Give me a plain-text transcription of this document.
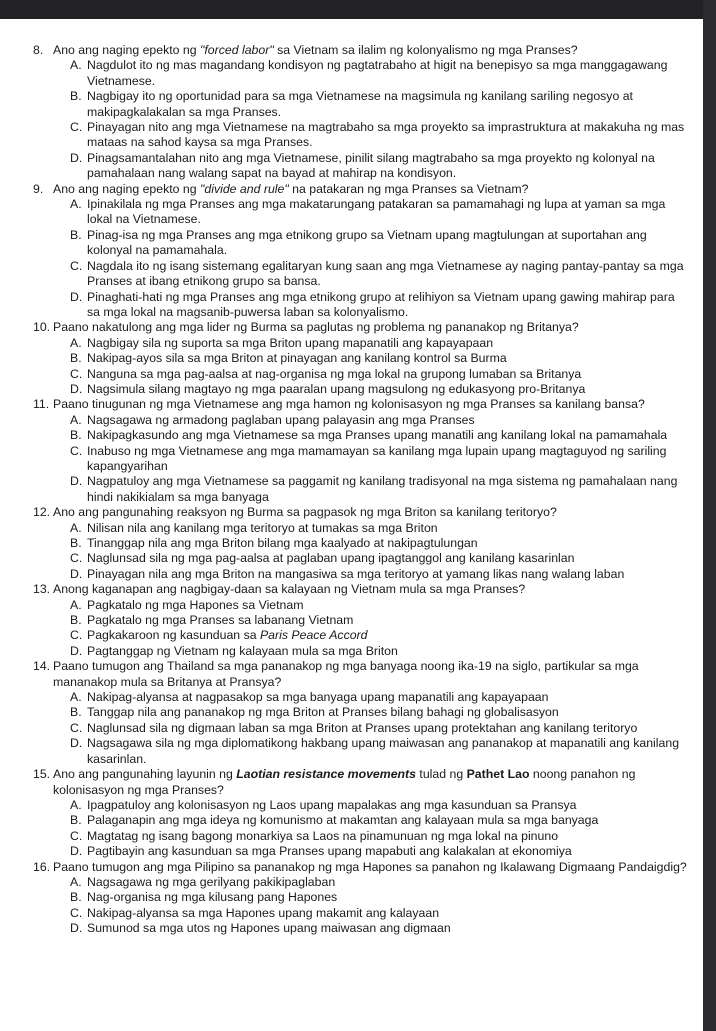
8. Ano ang naging epekto ng "forced labor" sa Vietnam sa ilalim ng kolonyalismo ng mga Pranses?
A. Nagdulot ito ng mas magandang kondisyon ng pagtatrabaho at higit na benepisyo sa mga manggagawang Vietnamese.
B. Nagbigay ito ng oportunidad para sa mga Vietnamese na magsimula ng kanilang sariling negosyo at makipagkalakalan sa mga Pranses.
C. Pinayagan nito ang mga Vietnamese na magtrabaho sa mga proyekto sa imprastruktura at makakuha ng mas mataas na sahod kaysa sa mga Pranses.
D. Pinagsamantalahan nito ang mga Vietnamese, pinilit silang magtrabaho sa mga proyekto ng kolonyal na pamahalaan nang walang sapat na bayad at mahirap na kondisyon.
9. Ano ang naging epekto ng "divide and rule" na patakaran ng mga Pranses sa Vietnam?
A. Ipinakilala ng mga Pranses ang mga makatarungang patakaran sa pamamahagi ng lupa at yaman sa mga lokal na Vietnamese.
B. Pinag-isa ng mga Pranses ang mga etnikong grupo sa Vietnam upang magtulungan at suportahan ang kolonyal na pamamahala.
C. Nagdala ito ng isang sistemang egalitaryan kung saan ang mga Vietnamese ay naging pantay-pantay sa mga Pranses at ibang etnikong grupo sa bansa.
D. Pinaghati-hati ng mga Pranses ang mga etnikong grupo at relihiyon sa Vietnam upang gawing mahirap para sa mga lokal na magsanib-puwersa laban sa kolonyalismo.
10. Paano nakatulong ang mga lider ng Burma sa paglutas ng problema ng pananakop ng Britanya?
A. Nagbigay sila ng suporta sa mga Briton upang mapanatili ang kapayapaan
B. Nakipag-ayos sila sa mga Briton at pinayagan ang kanilang kontrol sa Burma
C. Nanguna sa mga pag-aalsa at nag-organisa ng mga lokal na grupong lumaban sa Britanya
D. Nagsimula silang magtayo ng mga paaralan upang magsulong ng edukasyong pro-Britanya
11. Paano tinugunan ng mga Vietnamese ang mga hamon ng kolonisasyon ng mga Pranses sa kanilang bansa?
A. Nagsagawa ng armadong paglaban upang palayasin ang mga Pranses
B. Nakipagkasundo ang mga Vietnamese sa mga Pranses upang manatili ang kanilang lokal na pamamahala
C. Inabuso ng mga Vietnamese ang mga mamamayan sa kanilang mga lupain upang magtaguyod ng sariling kapangyarihan
D. Nagpatuloy ang mga Vietnamese sa paggamit ng kanilang tradisyonal na mga sistema ng pamahalaan nang hindi nakikialam sa mga banyaga
12. Ano ang pangunahing reaksyon ng Burma sa pagpasok ng mga Briton sa kanilang teritoryo?
A. Nilisan nila ang kanilang mga teritoryo at tumakas sa mga Briton
B. Tinanggap nila ang mga Briton bilang mga kaalyado at nakipagtulungan
C. Naglunsad sila ng mga pag-aalsa at paglaban upang ipagtanggol ang kanilang kasarinlan
D. Pinayagan nila ang mga Briton na mangasiwa sa mga teritoryo at yamang likas nang walang laban
13. Anong kaganapan ang nagbigay-daan sa kalayaan ng Vietnam mula sa mga Pranses?
A. Pagkatalo ng mga Hapones sa Vietnam
B. Pagkatalo ng mga Pranses sa labanang Vietnam
C. Pagkakaroon ng kasunduan sa Paris Peace Accord
D. Pagtanggap ng Vietnam ng kalayaan mula sa mga Briton
14. Paano tumugon ang Thailand sa mga pananakop ng mga banyaga noong ika-19 na siglo, partikular sa mga mananakop mula sa Britanya at Pransya?
A. Nakipag-alyansa at nagpasakop sa mga banyaga upang mapanatili ang kapayapaan
B. Tanggap nila ang pananakop ng mga Briton at Pranses bilang bahagi ng globalisasyon
C. Naglunsad sila ng digmaan laban sa mga Briton at Pranses upang protektahan ang kanilang teritoryo
D. Nagsagawa sila ng mga diplomatikong hakbang upang maiwasan ang pananakop at mapanatili ang kanilang kasarinlan.
15. Ano ang pangunahing layunin ng Laotian resistance movements tulad ng Pathet Lao noong panahon ng kolonisasyon ng mga Pranses?
A. Ipagpatuloy ang kolonisasyon ng Laos upang mapalakas ang mga kasunduan sa Pransya
B. Palaganapin ang mga ideya ng komunismo at makamtan ang kalayaan mula sa mga banyaga
C. Magtatag ng isang bagong monarkiya sa Laos na pinamunuan ng mga lokal na pinuno
D. Pagtibayin ang kasunduan sa mga Pranses upang mapabuti ang kalakalan at ekonomiya
16. Paano tumugon ang mga Pilipino sa pananakop ng mga Hapones sa panahon ng Ikalawang Digmaang Pandaigdig?
A. Nagsagawa ng mga gerilyang pakikipaglaban
B. Nag-organisa ng mga kilusang pang Hapones
C. Nakipag-alyansa sa mga Hapones upang makamit ang kalayaan
D. Sumunod sa mga utos ng Hapones upang maiwasan ang digmaan
